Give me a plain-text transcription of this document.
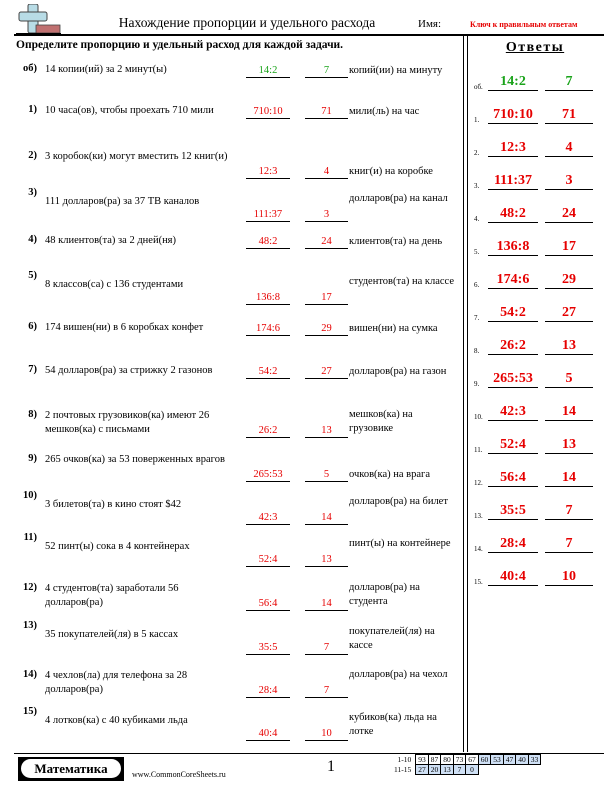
Нахождение пропорции и удельного расхода	Имя:	Ключ к правильным ответам
Определите пропорцию и удельный расход для каждой задачи.
об) 14 копии(ий) за 2 минут(ы)	14:2	7	копий(ии) на минуту
1) 10 часа(ов), чтобы проехать 710 мили	710:10	71	мили(ль) на час
2) 3 коробок(ки) могут вместить 12 книг(и)
12:3	4	книг(и) на коробке
3)
111 долларов(ра) за 37 ТВ каналов
111:37	3
долларов(ра) на канал
4) 48 клиентов(та) за 2 дней(ня)	48:2	24	клиентов(та) на день
5)
8 классов(са) с 136 студентами
136:8	17
студентов(та) на классе
6) 174 вишен(ни) в 6 коробках конфет	174:6	29	вишен(ни) на сумка
7) 54 долларов(ра) за стрижку 2 газонов	54:2	27	долларов(ра) на газон
8) 2 почтовых грузовиков(ка) имеют 26 мешков(ка) с письмами	26:2	13
мешков(ка) на грузовике
9) 265 очков(ка) за 53 поверженных врагов
265:53	5	очков(ка) на врага
10)
3 билетов(та) в кино стоят $42
42:3	14
долларов(ра) на билет
11)
52 пинт(ы) сока в 4 контейнерах
52:4	13
пинт(ы) на контейнере
12) 4 студентов(та) заработали 56 долларов(ра)	56:4	14
долларов(ра) на студента
13)
35 покупателей(ля) в 5 кассах
35:5	7
покупателей(ля) на кассе
14) 4 чехлов(ла) для телефона за 28 долларов(ра)	28:4	7
долларов(ра) на чехол
15)
4 лотков(ка) с 40 кубиками льда
40:4	10
кубиков(ка) льда на лотке
Ответы
об.	14:2	7
1. 710:10	71
2.	12:3	4
3.	111:37	3
4.	48:2	24
5.	136:8	17
6.	174:6	29
7.	54:2	27
8.	26:2	13
9. 265:53	5
10.	42:3	14
11.	52:4	13
12.	56:4	14
13.	35:5	7
14.	28:4	7
15.	40:4	10
Математика	www.CommonCoreSheets.ru	1	1-10	93	87	80	73	67	60	53	47	40	33
11-15	27	20	13	7	0					
